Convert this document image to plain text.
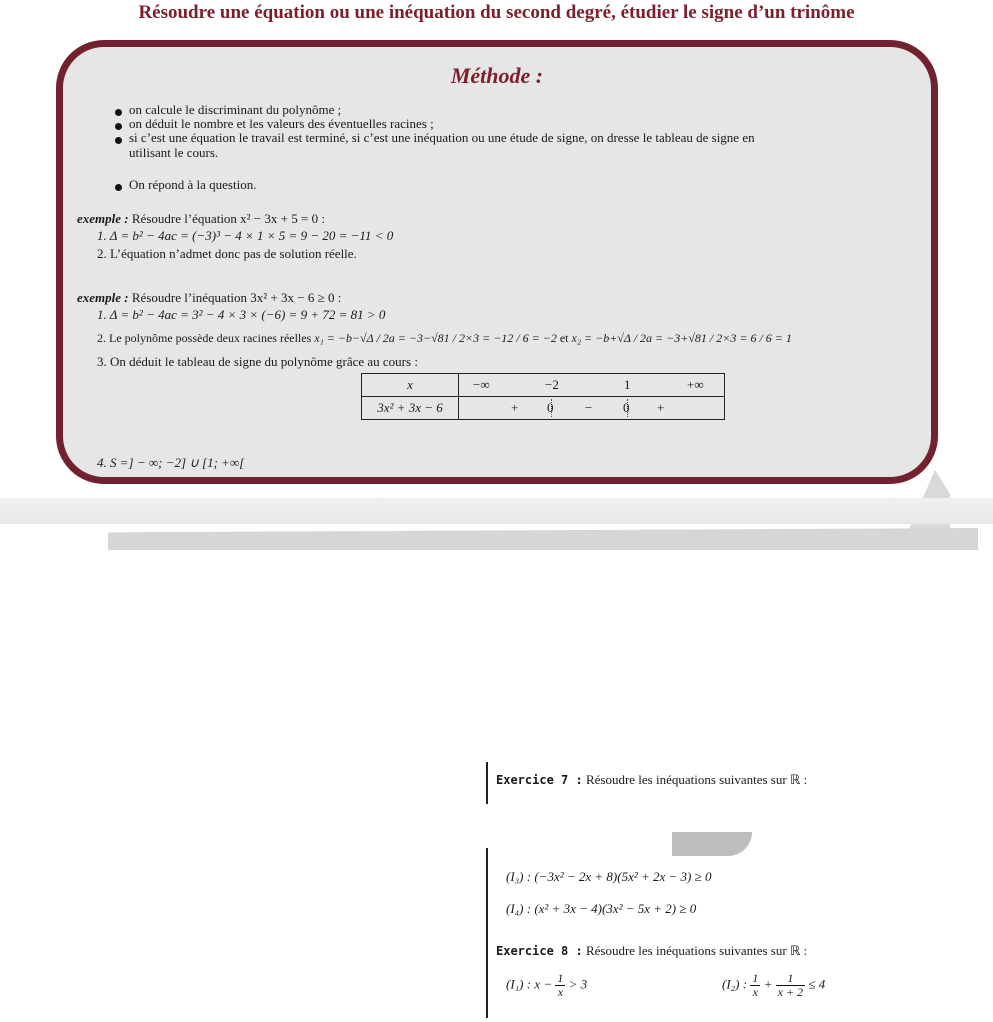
Résoudre une équation ou une inéquation du second degré, étudier le signe d’un trinôme
Méthode :
on calcule le discriminant du polynôme ;
on déduit le nombre et les valeurs des éventuelles racines ;
si c’est une équation le travail est terminé, si c’est une inéquation ou une étude de signe, on dresse le tableau de signe en
utilisant le cours.
On répond à la question.
exemple : Résoudre l’équation x² − 3x + 5 = 0 :
1. Δ = b² − 4ac = (−3)³ − 4 × 1 × 5 = 9 − 20 = −11 < 0
2. L’équation n’admet donc pas de solution réelle.
exemple : Résoudre l’inéquation 3x² + 3x − 6 ≥ 0 :
1. Δ = b² − 4ac = 3² − 4 × 3 × (−6) = 9 + 72 = 81 > 0
2. Le polynôme possède deux racines réelles x₁ = −b−√Δ / 2a = −3−√81 / 2×3 = −12 / 6 = −2 et x₂ = −b+√Δ / 2a = −3+√81 / 2×3 = 6 / 6 = 1
3. On déduit le tableau de signe du polynôme grâce au cours :
x	−∞ −2 1 +∞

3x² + 3x − 6	+ 0 − 0 +
4. S =] − ∞; −2] ∪ [1; +∞[
Exercice 7 : Résoudre les inéquations suivantes sur ℝ :
(I₃) : (−3x² − 2x + 8)(5x² + 2x − 3) ≥ 0
(I₄) : (x² + 3x − 4)(3x² − 5x + 2) ≥ 0
Exercice 8 : Résoudre les inéquations suivantes sur ℝ :
(I₁) : $x - \frac{1}{x} > 3$	(I₂) : $\frac{1}{x} + \frac{1}{x + 2} \le 4$
